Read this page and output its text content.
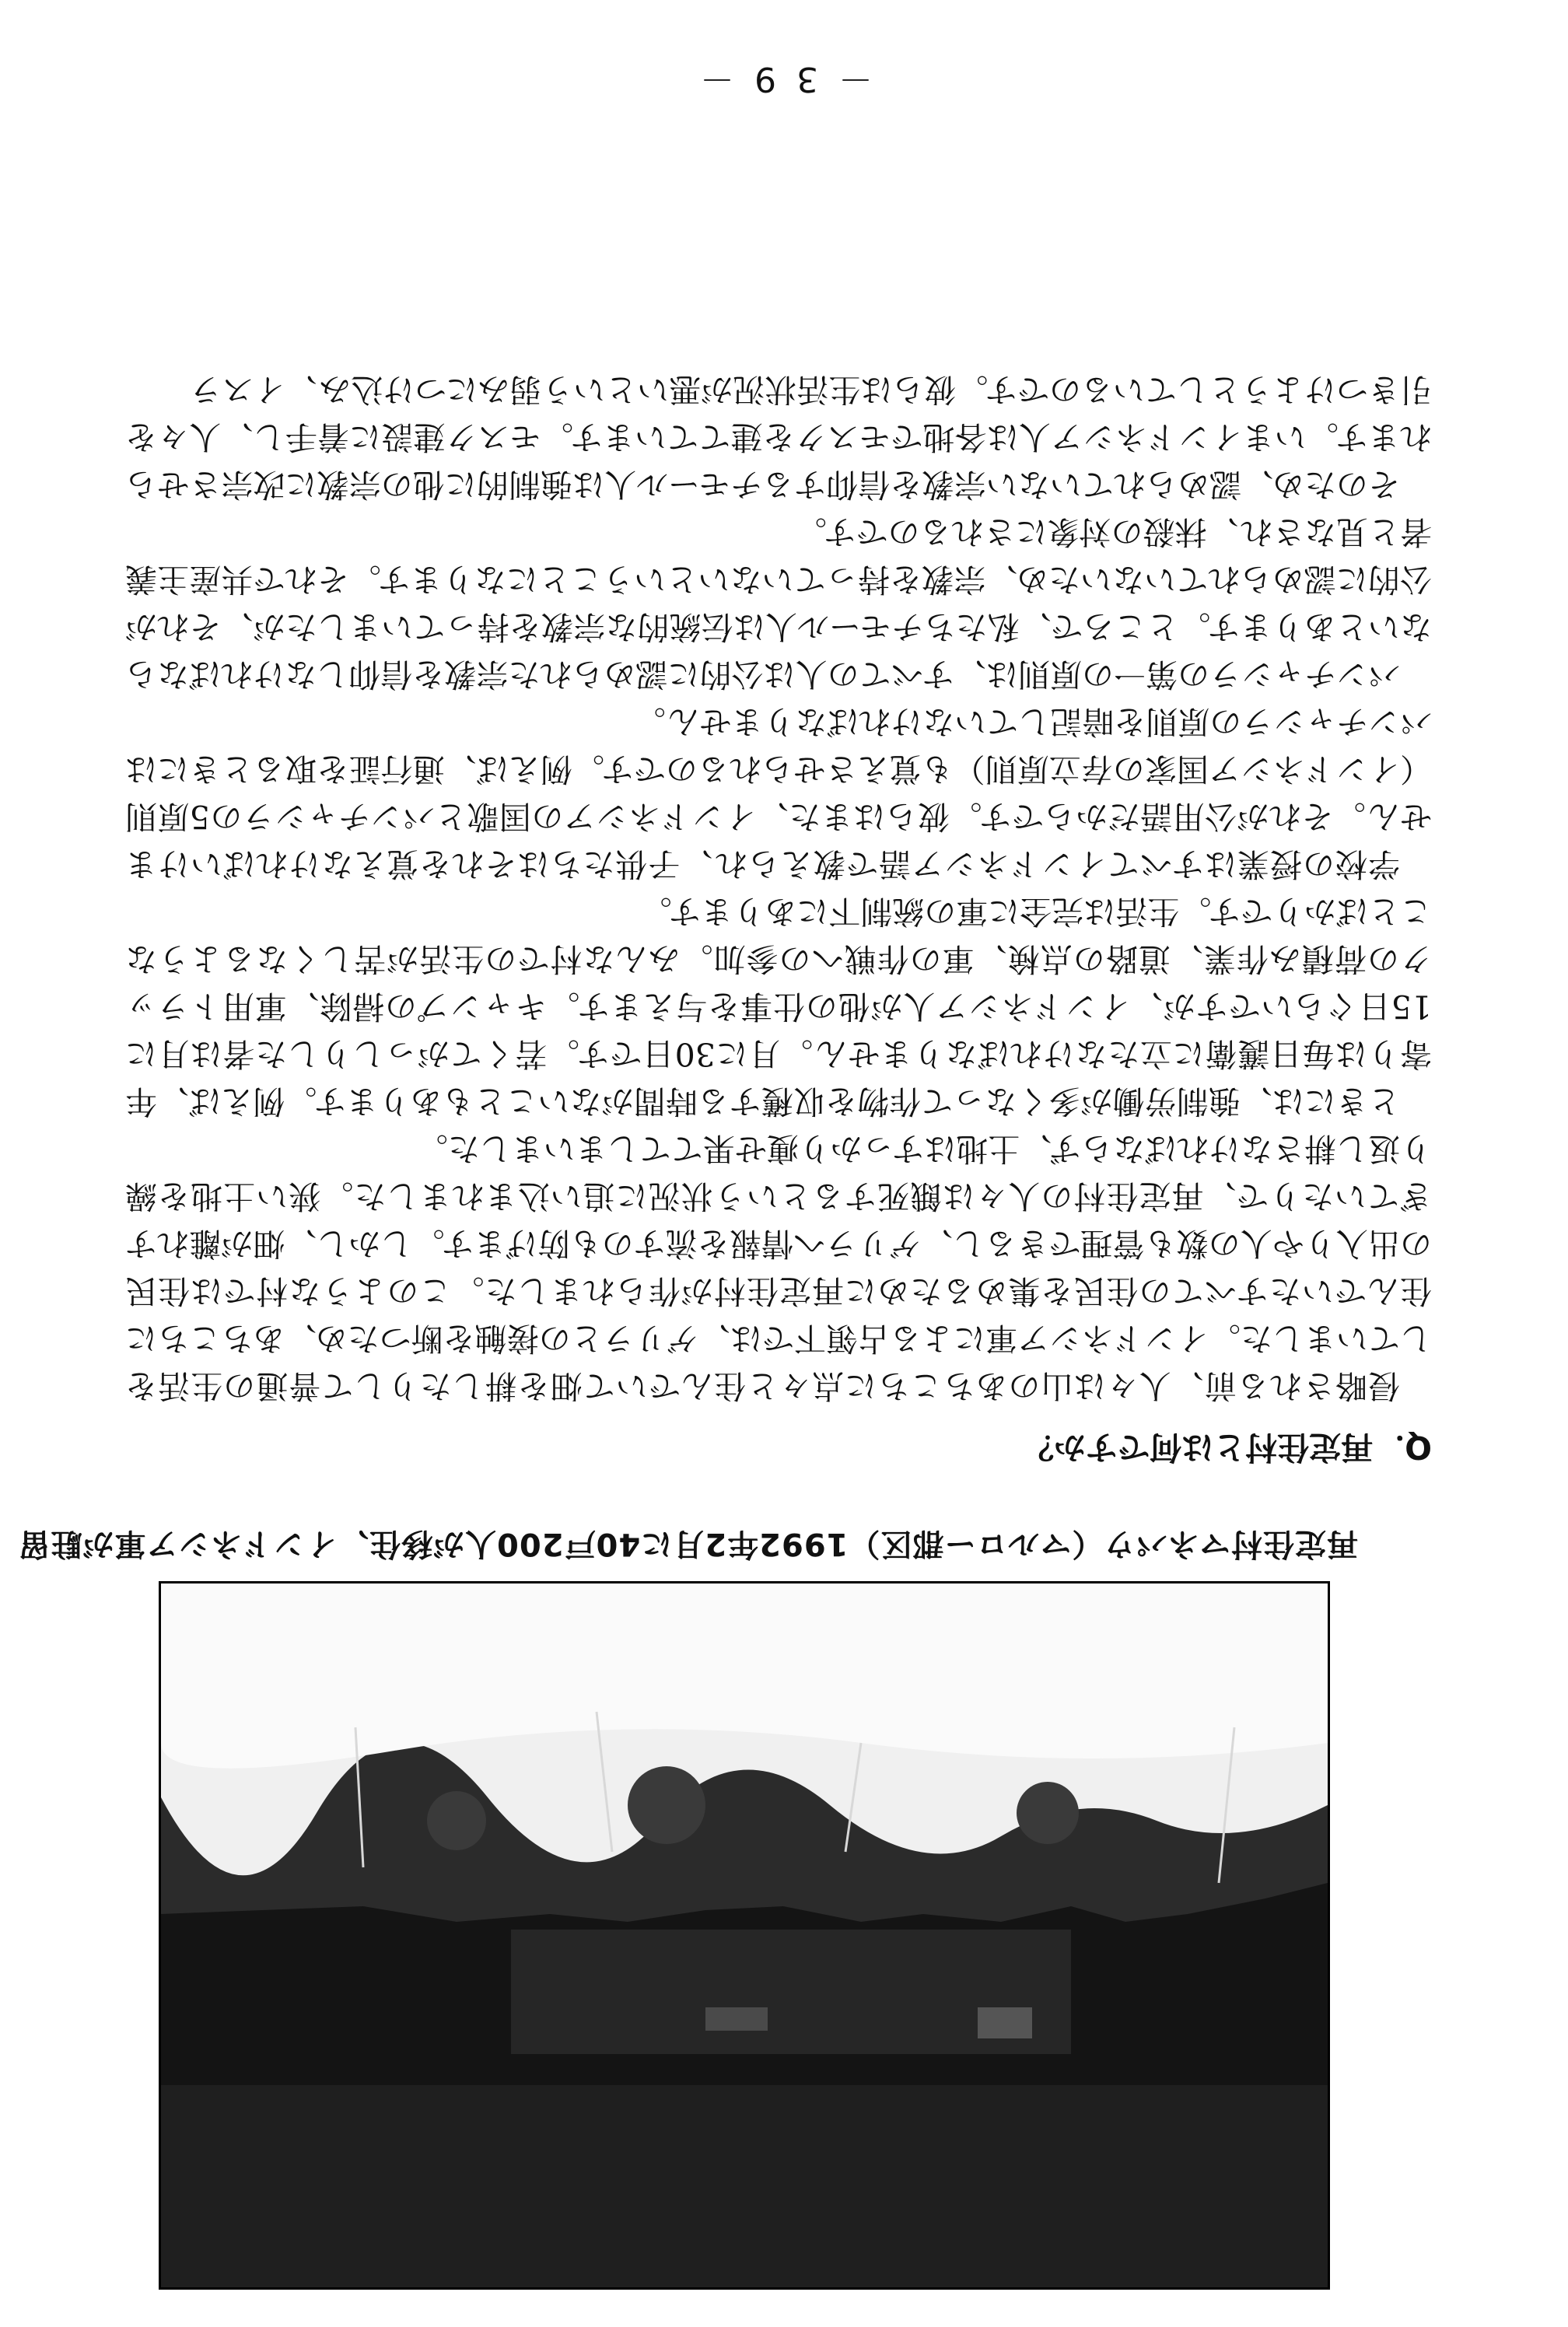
再定住村マネパウ（マルロー郡区）1992年2月に40戸200人が移住、インドネシア軍が駐留
Q．再定住村とは何ですか？

侵略される前、人々は山のあちこちに点々と住んでいて畑を耕したりして普通の生活をしていました。インドネシア軍による占領下では、ゲリラとの接触を断つため、あちこちに住んでいたすべての住民を集めるために再定住村が作られました。このような村では住民の出入りや人の数も管理できるし、ゲリラへ情報を流すのも防げます。しかし、畑が離れすぎていたりで、再定住村の人々は餓死するという状況に追い込まれました。狭い土地を繰り返し耕さなければならず、土地はすっかり痩せ果ててしまいました。

ときには、強制労働が多くなって作物を収穫する時間がないこともあります。例えば、年寄りは毎日護衛に立たなければなりません。月に30日です。若くてがっしりした者は月に15日ぐらいですが、インドネシア人が他の仕事を与えます。キャンプの掃除、軍用トラックの荷積み作業、道路の点検、軍の作戦への参加。みんな村での生活が苦しくなるようなことばかりです。生活は完全に軍の統制下にあります。

学校の授業はすべてインドネシア語で教えられ、子供たちはそれを覚えなければいけません。それが公用語だからです。彼らはまた、インドネシアの国歌とパンチャシラの5原則（インドネシア国家の存立原則）も覚えさせられるのです。例えば、通行証を取るときにはパンチャシラの原則を暗記していなければなりません。

パンチャシラの第一の原則は、すべての人は公的に認められた宗教を信仰しなければならないとあります。ところで、私たちチモール人は伝統的な宗教を持っていましたが、それが公的に認められていないため、宗教を持っていないということになります。それで共産主義者と見なされ、抹殺の対象にされるのです。

そのため、認められていない宗教を信仰するチモール人は強制的に他の宗教に改宗させられます。いまインドネシア人は各地でモスクを建てています。モスク建設に着手し、人々を引きつけようとしているのです。彼らは生活状況が悪いという弱みにつけ込み、イスラ

－ 3 9 －
